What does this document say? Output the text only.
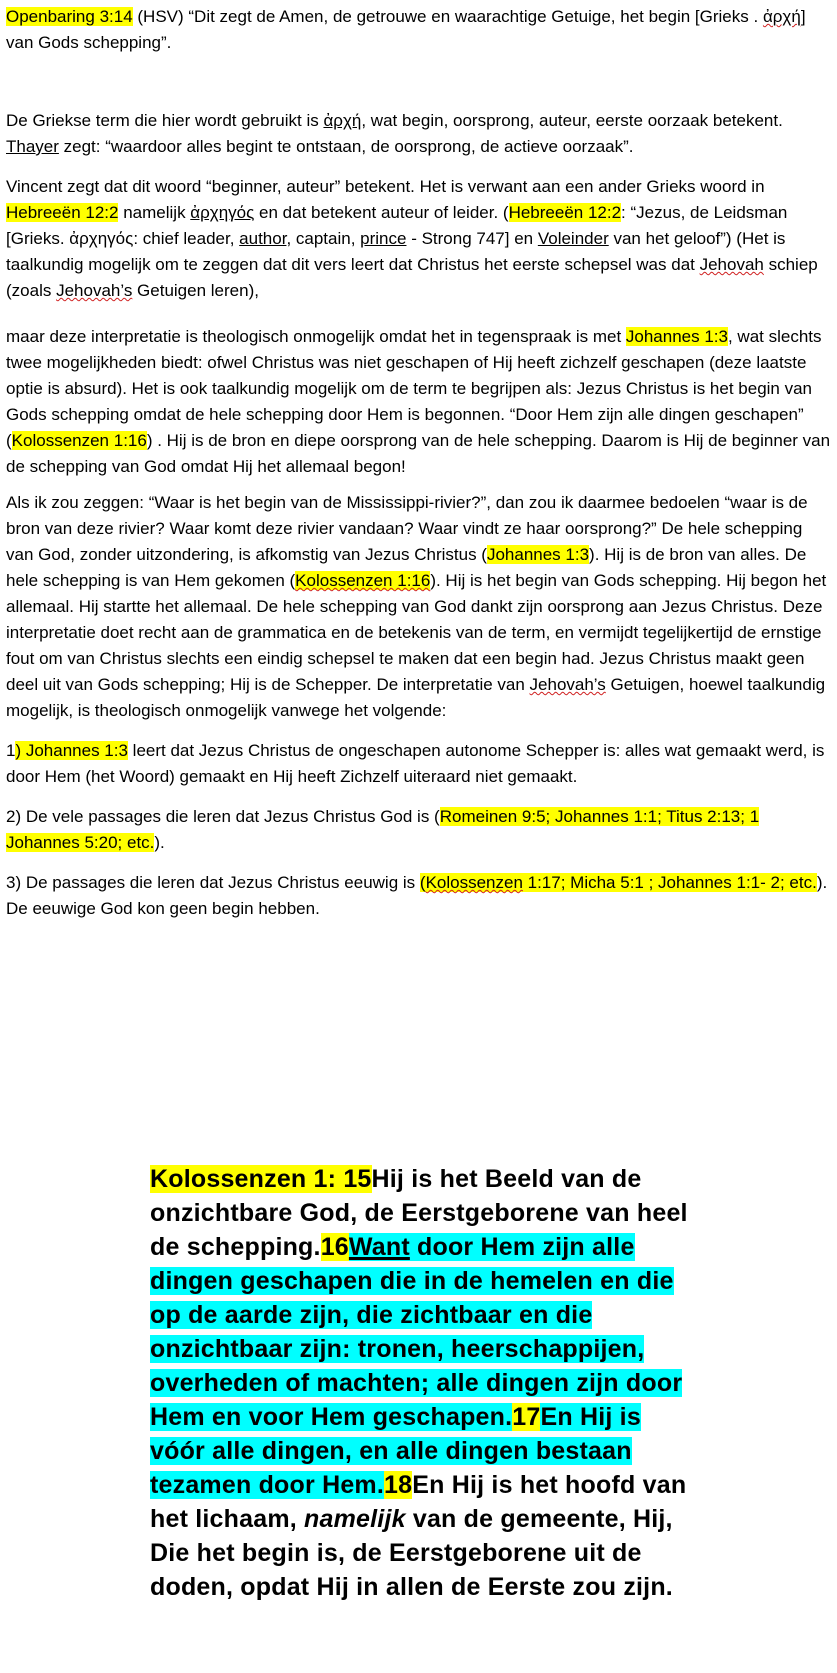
Openbaring 3:14 (HSV) “Dit zegt de Amen, de getrouwe en waarachtige Getuige, het begin [Grieks . ἀρχή] van Gods schepping”.

De Griekse term die hier wordt gebruikt is ἀρχή, wat begin, oorsprong, auteur, eerste oorzaak betekent. Thayer zegt: “waardoor alles begint te ontstaan, de oorsprong, de actieve oorzaak”.

Vincent zegt dat dit woord “beginner, auteur” betekent. Het is verwant aan een ander Grieks woord in Hebreeën 12:2 namelijk ἀρχηγός en dat betekent auteur of leider. (Hebreeën 12:2: “Jezus, de Leidsman [Grieks. ἀρχηγός: chief leader, author, captain, prince - Strong 747] en Voleinder van het geloof”) (Het is taalkundig mogelijk om te zeggen dat dit vers leert dat Christus het eerste schepsel was dat Jehovah schiep (zoals Jehovah’s Getuigen leren),

maar deze interpretatie is theologisch onmogelijk omdat het in tegenspraak is met Johannes 1:3, wat slechts twee mogelijkheden biedt: ofwel Christus was niet geschapen of Hij heeft zichzelf geschapen (deze laatste optie is absurd). Het is ook taalkundig mogelijk om de term te begrijpen als: Jezus Christus is het begin van Gods schepping omdat de hele schepping door Hem is begonnen. “Door Hem zijn alle dingen geschapen” (Kolossenzen 1:16) . Hij is de bron en diepe oorsprong van de hele schepping. Daarom is Hij de beginner van de schepping van God omdat Hij het allemaal begon!

Als ik zou zeggen: “Waar is het begin van de Mississippi-rivier?”, dan zou ik daarmee bedoelen “waar is de bron van deze rivier? Waar komt deze rivier vandaan? Waar vindt ze haar oorsprong?” De hele schepping van God, zonder uitzondering, is afkomstig van Jezus Christus (Johannes 1:3). Hij is de bron van alles. De hele schepping is van Hem gekomen (Kolossenzen 1:16). Hij is het begin van Gods schepping. Hij begon het allemaal. Hij startte het allemaal. De hele schepping van God dankt zijn oorsprong aan Jezus Christus. Deze interpretatie doet recht aan de grammatica en de betekenis van de term, en vermijdt tegelijkertijd de ernstige fout om van Christus slechts een eindig schepsel te maken dat een begin had. Jezus Christus maakt geen deel uit van Gods schepping; Hij is de Schepper. De interpretatie van Jehovah’s Getuigen, hoewel taalkundig mogelijk, is theologisch onmogelijk vanwege het volgende:

1) Johannes 1:3 leert dat Jezus Christus de ongeschapen autonome Schepper is: alles wat gemaakt werd, is door Hem (het Woord) gemaakt en Hij heeft Zichzelf uiteraard niet gemaakt.

2) De vele passages die leren dat Jezus Christus God is (Romeinen 9:5; Johannes 1:1; Titus 2:13; 1 Johannes 5:20; etc.).

3) De passages die leren dat Jezus Christus eeuwig is (Kolossenzen 1:17; Micha 5:1 ; Johannes 1:1- 2; etc.). De eeuwige God kon geen begin hebben.

Kolossenzen 1: 15Hij is het Beeld van de onzichtbare God, de Eerstgeborene van heel de schepping.16Want door Hem zijn alle dingen geschapen die in de hemelen en die op de aarde zijn, die zichtbaar en die onzichtbaar zijn: tronen, heerschappijen, overheden of machten; alle dingen zijn door Hem en voor Hem geschapen.17En Hij is vóór alle dingen, en alle dingen bestaan tezamen door Hem.18En Hij is het hoofd van het lichaam, namelijk van de gemeente, Hij, Die het begin is, de Eerstgeborene uit de doden, opdat Hij in allen de Eerste zou zijn.
